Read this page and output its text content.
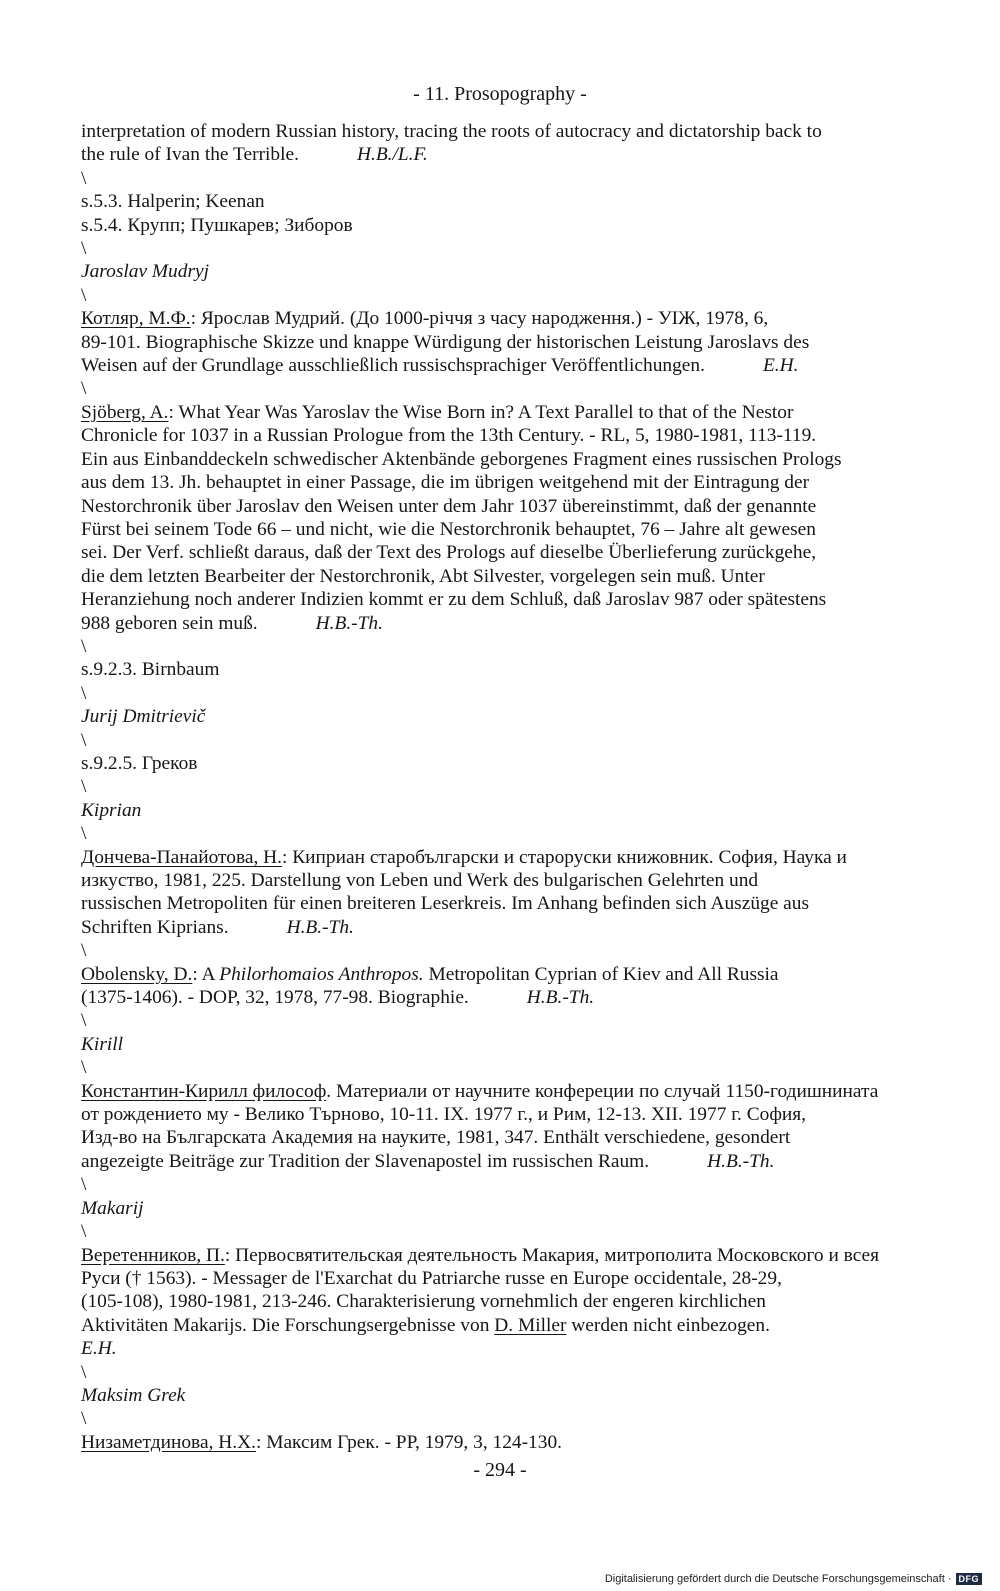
- 11. Prosopography -

interpretation of modern Russian history, tracing the roots of autocracy and dictatorship back to
the rule of Ivan the Terrible.	H.B./L.F.

\

s.5.3. Halperin; Keenan

s.5.4. Крупп; Пушкарев; Зиборов

\

Jaroslav Mudryj

\

Котляр, М.Ф.: Ярослав Мудрий. (До 1000-річчя з часу народження.) - УІЖ, 1978, 6,
89-101. Biographische Skizze und knappe Würdigung der historischen Leistung Jaroslavs des
Weisen auf der Grundlage ausschließlich russischsprachiger Veröffentlichungen.	E.H.

\

Sjöberg, A.: What Year Was Yaroslav the Wise Born in? A Text Parallel to that of the Nestor
Chronicle for 1037 in a Russian Prologue from the 13th Century. - RL, 5, 1980-1981, 113-119.
Ein aus Einbanddeckeln schwedischer Aktenbände geborgenes Fragment eines russischen Prologs
aus dem 13. Jh. behauptet in einer Passage, die im übrigen weitgehend mit der Eintragung der
Nestorchronik über Jaroslav den Weisen unter dem Jahr 1037 übereinstimmt, daß der genannte
Fürst bei seinem Tode 66 – und nicht, wie die Nestorchronik behauptet, 76 – Jahre alt gewesen
sei. Der Verf. schließt daraus, daß der Text des Prologs auf dieselbe Überlieferung zurückgehe,
die dem letzten Bearbeiter der Nestorchronik, Abt Silvester, vorgelegen sein muß. Unter
Heranziehung noch anderer Indizien kommt er zu dem Schluß, daß Jaroslav 987 oder spätestens
988 geboren sein muß.	H.B.-Th.

\

s.9.2.3. Birnbaum

\

Jurij Dmitrievič

\

s.9.2.5. Греков

\

Kiprian

\

Дончева-Панайотова, Н.: Киприан старобългарски и староруски книжовник. София, Наука и
изкуство, 1981, 225. Darstellung von Leben und Werk des bulgarischen Gelehrten und
russischen Metropoliten für einen breiteren Leserkreis. Im Anhang befinden sich Auszüge aus
Schriften Kiprians.	H.B.-Th.

\

Obolensky, D.: A Philorhomaios Anthropos. Metropolitan Cyprian of Kiev and All Russia
(1375-1406). - DOP, 32, 1978, 77-98. Biographie.	H.B.-Th.

\

Kirill

\

Константин-Кирилл философ. Материали от научните конфереции по случай 1150-годишнината
от рождението му - Велико Търново, 10-11. IX. 1977 г., и Рим, 12-13. XII. 1977 г. София,
Изд-во на Българската Академия на науките, 1981, 347. Enthält verschiedene, gesondert
angezeigte Beiträge zur Tradition der Slavenapostel im russischen Raum.	H.B.-Th.

\

Makarij

\

Веретенников, П.: Первосвятительская деятельность Макария, митрополита Московского и всея
Руси († 1563). - Messager de l'Exarchat du Patriarche russe en Europe occidentale, 28-29,
(105-108), 1980-1981, 213-246. Charakterisierung vornehmlich der engeren kirchlichen
Aktivitäten Makarijs. Die Forschungsergebnisse von D. Miller werden nicht einbezogen.
E.H.

\

Maksim Grek

\

Низаметдинова, Н.Х.: Максим Грек. - РР, 1979, 3, 124-130.

- 294 -
Digitalisierung gefördert durch die Deutsche Forschungsgemeinschaft · DFG
